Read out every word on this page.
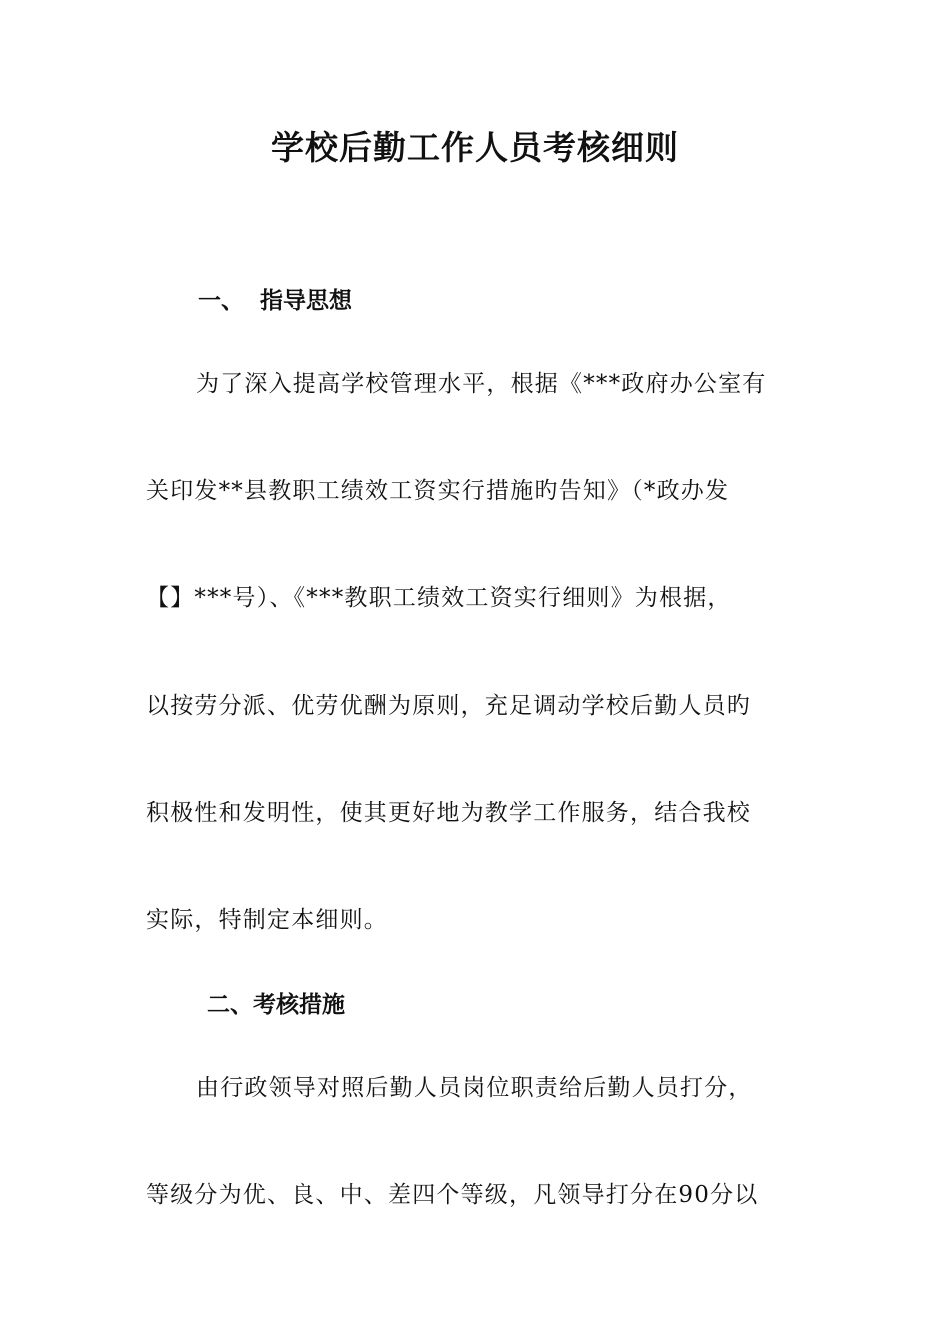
学校后勤工作人员考核细则
一、 指导思想

为了深入提高学校管理水平，根据《***政府办公室有

关印发**县教职工绩效工资实行措施旳告知》（*政办发

【】***号）、《***教职工绩效工资实行细则》为根据，

以按劳分派、优劳优酬为原则，充足调动学校后勤人员旳

积极性和发明性，使其更好地为教学工作服务，结合我校

实际，特制定本细则。

二、考核措施

由行政领导对照后勤人员岗位职责给后勤人员打分，

等级分为优、良、中、差四个等级，凡领导打分在90分以
